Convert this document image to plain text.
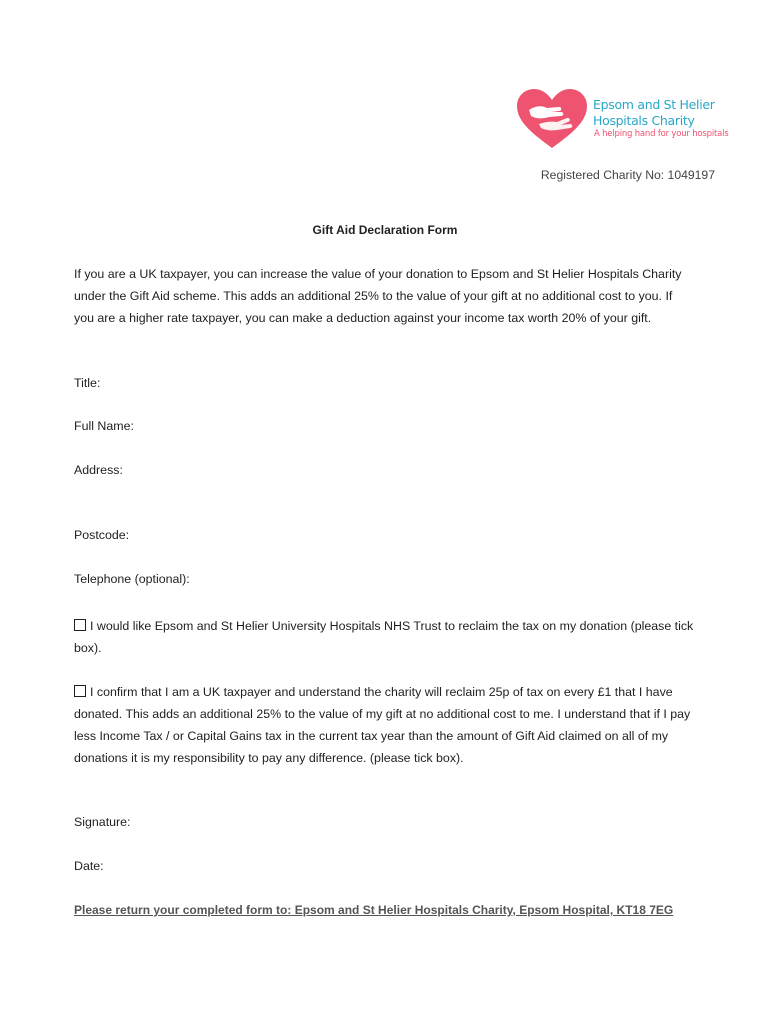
Epsom and St Helier
Hospitals Charity
A helping hand for your hospitals
Registered Charity No: 1049197
Gift Aid Declaration Form
If you are a UK taxpayer, you can increase the value of your donation to Epsom and St Helier Hospitals Charity under the Gift Aid scheme. This adds an additional 25% to the value of your gift at no additional cost to you. If you are a higher rate taxpayer, you can make a deduction against your income tax worth 20% of your gift.
Title:
Full Name:
Address:
Postcode:
Telephone (optional):
I would like Epsom and St Helier University Hospitals NHS Trust to reclaim the tax on my donation (please tick box).
I confirm that I am a UK taxpayer and understand the charity will reclaim 25p of tax on every £1 that I have donated. This adds an additional 25% to the value of my gift at no additional cost to me. I understand that if I pay less Income Tax / or Capital Gains tax in the current tax year than the amount of Gift Aid claimed on all of my donations it is my responsibility to pay any difference. (please tick box).
Signature:
Date:
Please return your completed form to: Epsom and St Helier Hospitals Charity, Epsom Hospital, KT18 7EG
